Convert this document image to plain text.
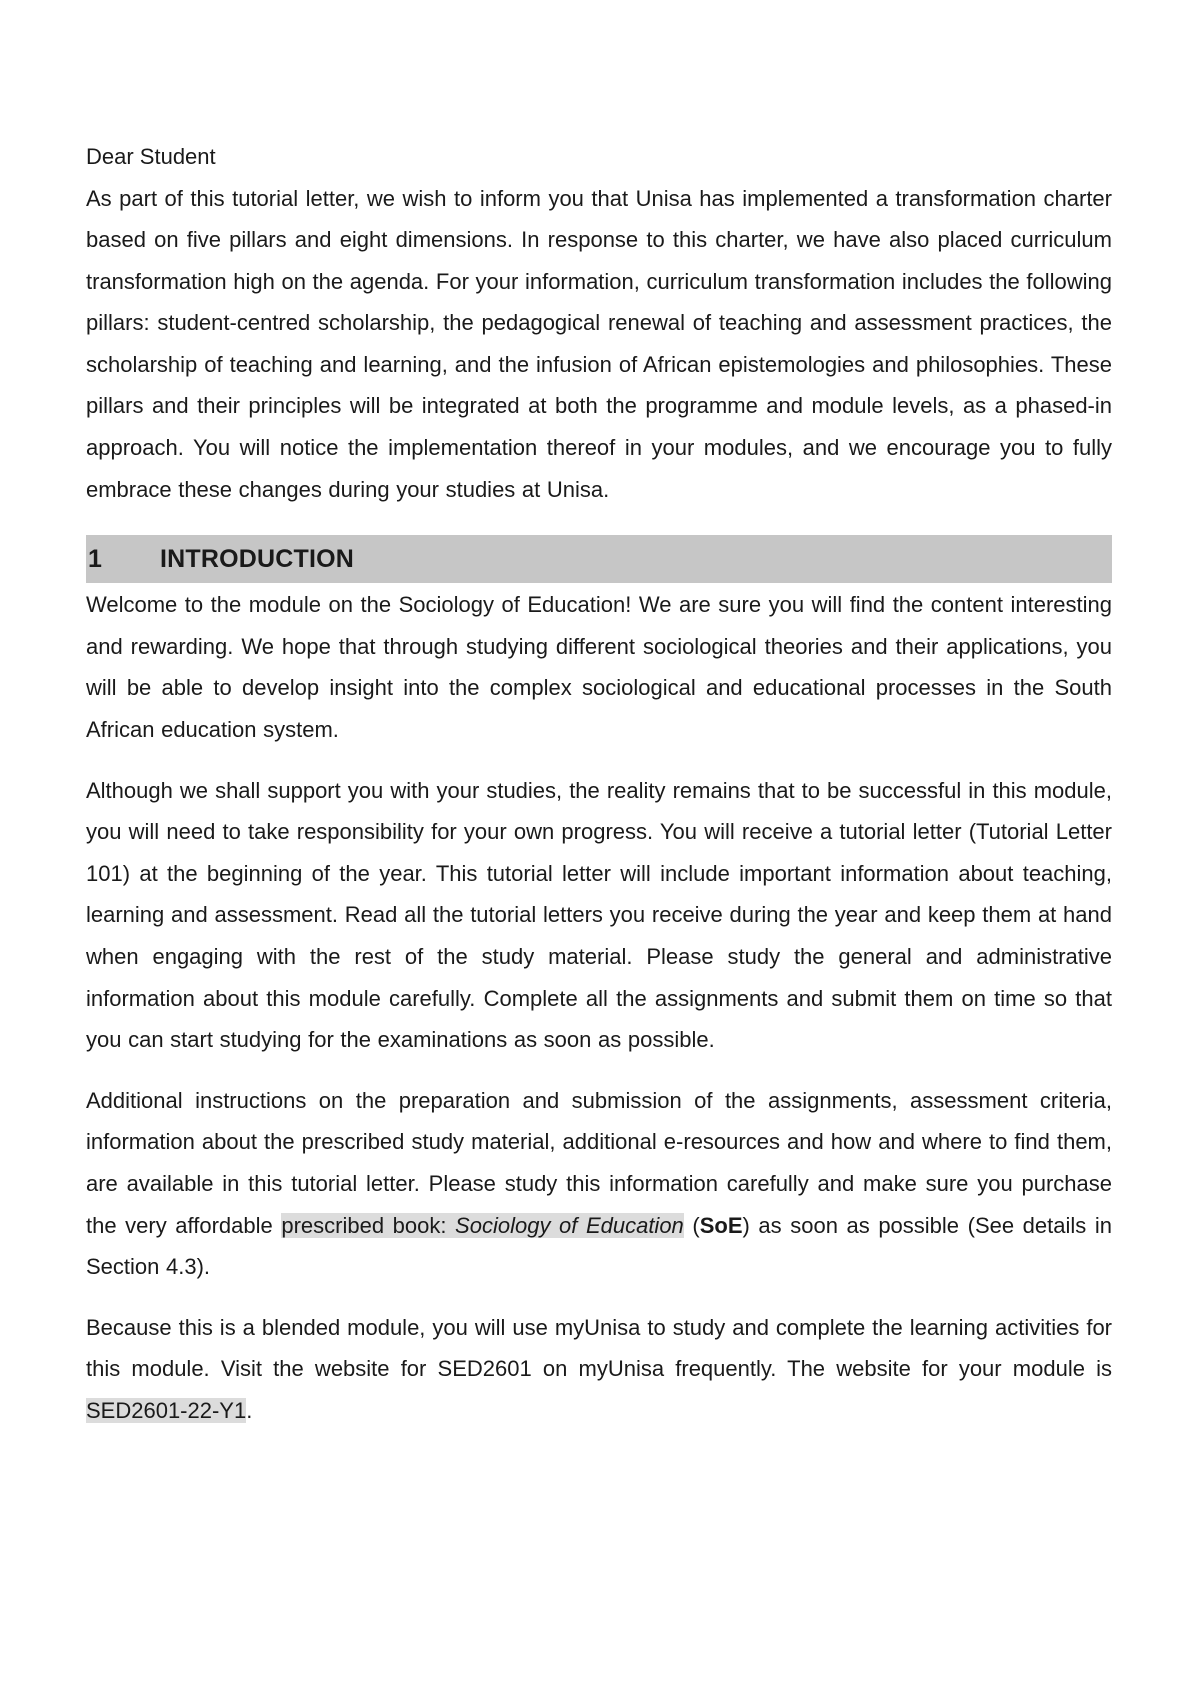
Dear Student

As part of this tutorial letter, we wish to inform you that Unisa has implemented a transformation charter based on five pillars and eight dimensions. In response to this charter, we have also placed curriculum transformation high on the agenda. For your information, curriculum transformation includes the following pillars: student-centred scholarship, the pedagogical renewal of teaching and assessment practices, the scholarship of teaching and learning, and the infusion of African epistemologies and philosophies. These pillars and their principles will be integrated at both the programme and module levels, as a phased-in approach. You will notice the implementation thereof in your modules, and we encourage you to fully embrace these changes during your studies at Unisa.

1	INTRODUCTION

Welcome to the module on the Sociology of Education! We are sure you will find the content interesting and rewarding. We hope that through studying different sociological theories and their applications, you will be able to develop insight into the complex sociological and educational processes in the South African education system.

Although we shall support you with your studies, the reality remains that to be successful in this module, you will need to take responsibility for your own progress. You will receive a tutorial letter (Tutorial Letter 101) at the beginning of the year. This tutorial letter will include important information about teaching, learning and assessment. Read all the tutorial letters you receive during the year and keep them at hand when engaging with the rest of the study material. Please study the general and administrative information about this module carefully. Complete all the assignments and submit them on time so that you can start studying for the examinations as soon as possible.

Additional instructions on the preparation and submission of the assignments, assessment criteria, information about the prescribed study material, additional e-resources and how and where to find them, are available in this tutorial letter. Please study this information carefully and make sure you purchase the very affordable prescribed book: Sociology of Education (SoE) as soon as possible (See details in Section 4.3).

Because this is a blended module, you will use myUnisa to study and complete the learning activities for this module. Visit the website for SED2601 on myUnisa frequently. The website for your module is SED2601-22-Y1.
